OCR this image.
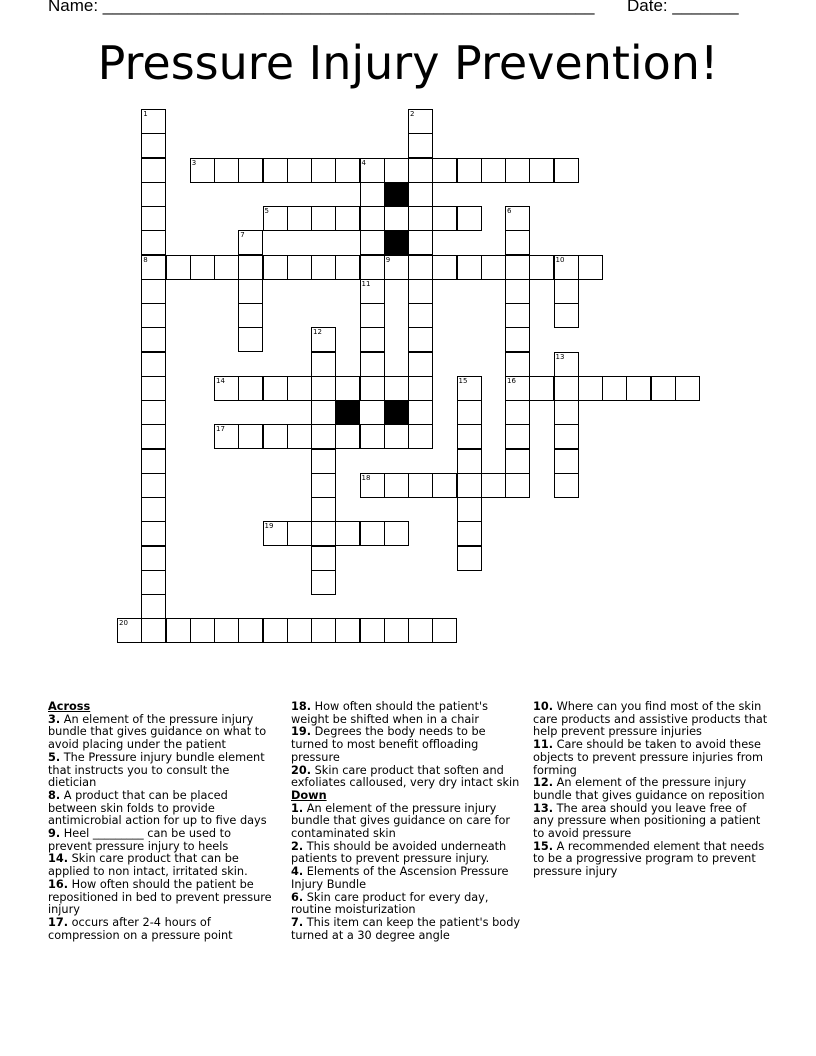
Name: ____________________________________________________ Date: _______
Pressure Injury Prevention!
1
8
2
3	4
11
5	6
16
7
9	10
12
13
14	15
17
18
19
20
Across
3. An element of the pressure injury bundle that gives guidance on what to avoid placing under the patient
5. The Pressure injury bundle element that instructs you to consult the dietician
8. A product that can be placed between skin folds to provide antimicrobial action for up to five days
9. Heel _________ can be used to prevent pressure injury to heels
14. Skin care product that can be applied to non intact, irritated skin.
16. How often should the patient be repositioned in bed to prevent pressure injury
17. occurs after 2-4 hours of compression on a pressure point
18. How often should the patient's weight be shifted when in a chair
19. Degrees the body needs to be turned to most benefit offloading pressure
20. Skin care product that soften and exfoliates calloused, very dry intact skin
Down
1. An element of the pressure injury bundle that gives guidance on care for contaminated skin
2. This should be avoided underneath patients to prevent pressure injury.
4. Elements of the Ascension Pressure Injury Bundle
6. Skin care product for every day, routine moisturization
7. This item can keep the patient's body turned at a 30 degree angle
10. Where can you find most of the skin care products and assistive products that help prevent pressure injuries
11. Care should be taken to avoid these objects to prevent pressure injuries from forming
12. An element of the pressure injury bundle that gives guidance on reposition
13. The area should you leave free of any pressure when positioning a patient to avoid pressure
15. A recommended element that needs to be a progressive program to prevent pressure injury
